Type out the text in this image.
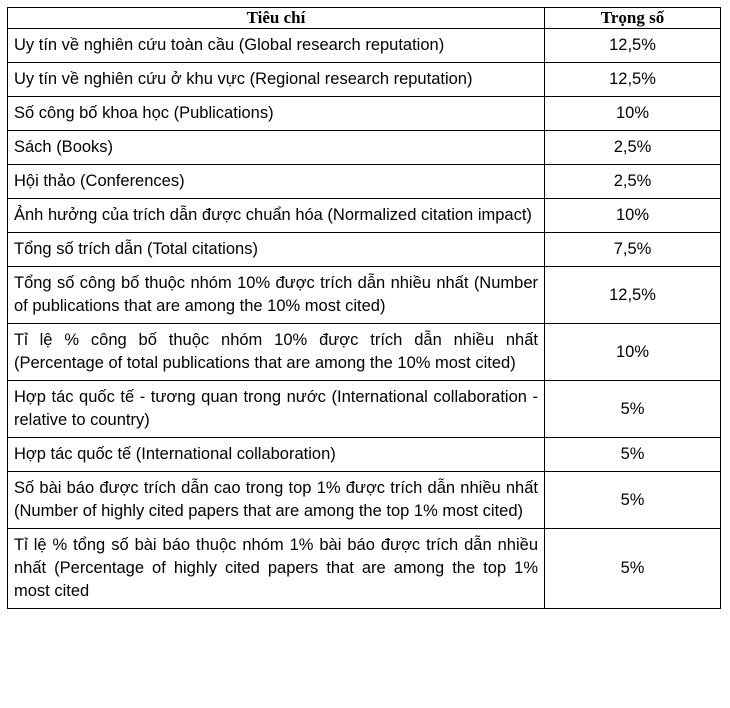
Tiêu chí	Trọng số
Uy tín về nghiên cứu toàn cầu (Global research reputation)	12,5%
Uy tín về nghiên cứu ở khu vực (Regional research reputation)	12,5%
Số công bố khoa học (Publications)	10%
Sách (Books)	2,5%
Hội thảo (Conferences)	2,5%
Ảnh hưởng của trích dẫn được chuẩn hóa (Normalized citation impact)	10%
Tổng số trích dẫn (Total citations)	7,5%
Tổng số công bố thuộc nhóm 10% được trích dẫn nhiều nhất (Number of publications that are among the 10% most cited)	12,5%
Tỉ lệ % công bố thuộc nhóm 10% được trích dẫn nhiều nhất (Percentage of total publications that are among the 10% most cited)	10%
Hợp tác quốc tế - tương quan trong nước (International collaboration - relative to country)	5%
Hợp tác quốc tế (International collaboration)	5%
Số bài báo được trích dẫn cao trong top 1% được trích dẫn nhiều nhất (Number of highly cited papers that are among the top 1% most cited)	5%
Tỉ lệ % tổng số bài báo thuộc nhóm 1% bài báo được trích dẫn nhiều nhất (Percentage of highly cited papers that are among the top 1% most cited	5%
